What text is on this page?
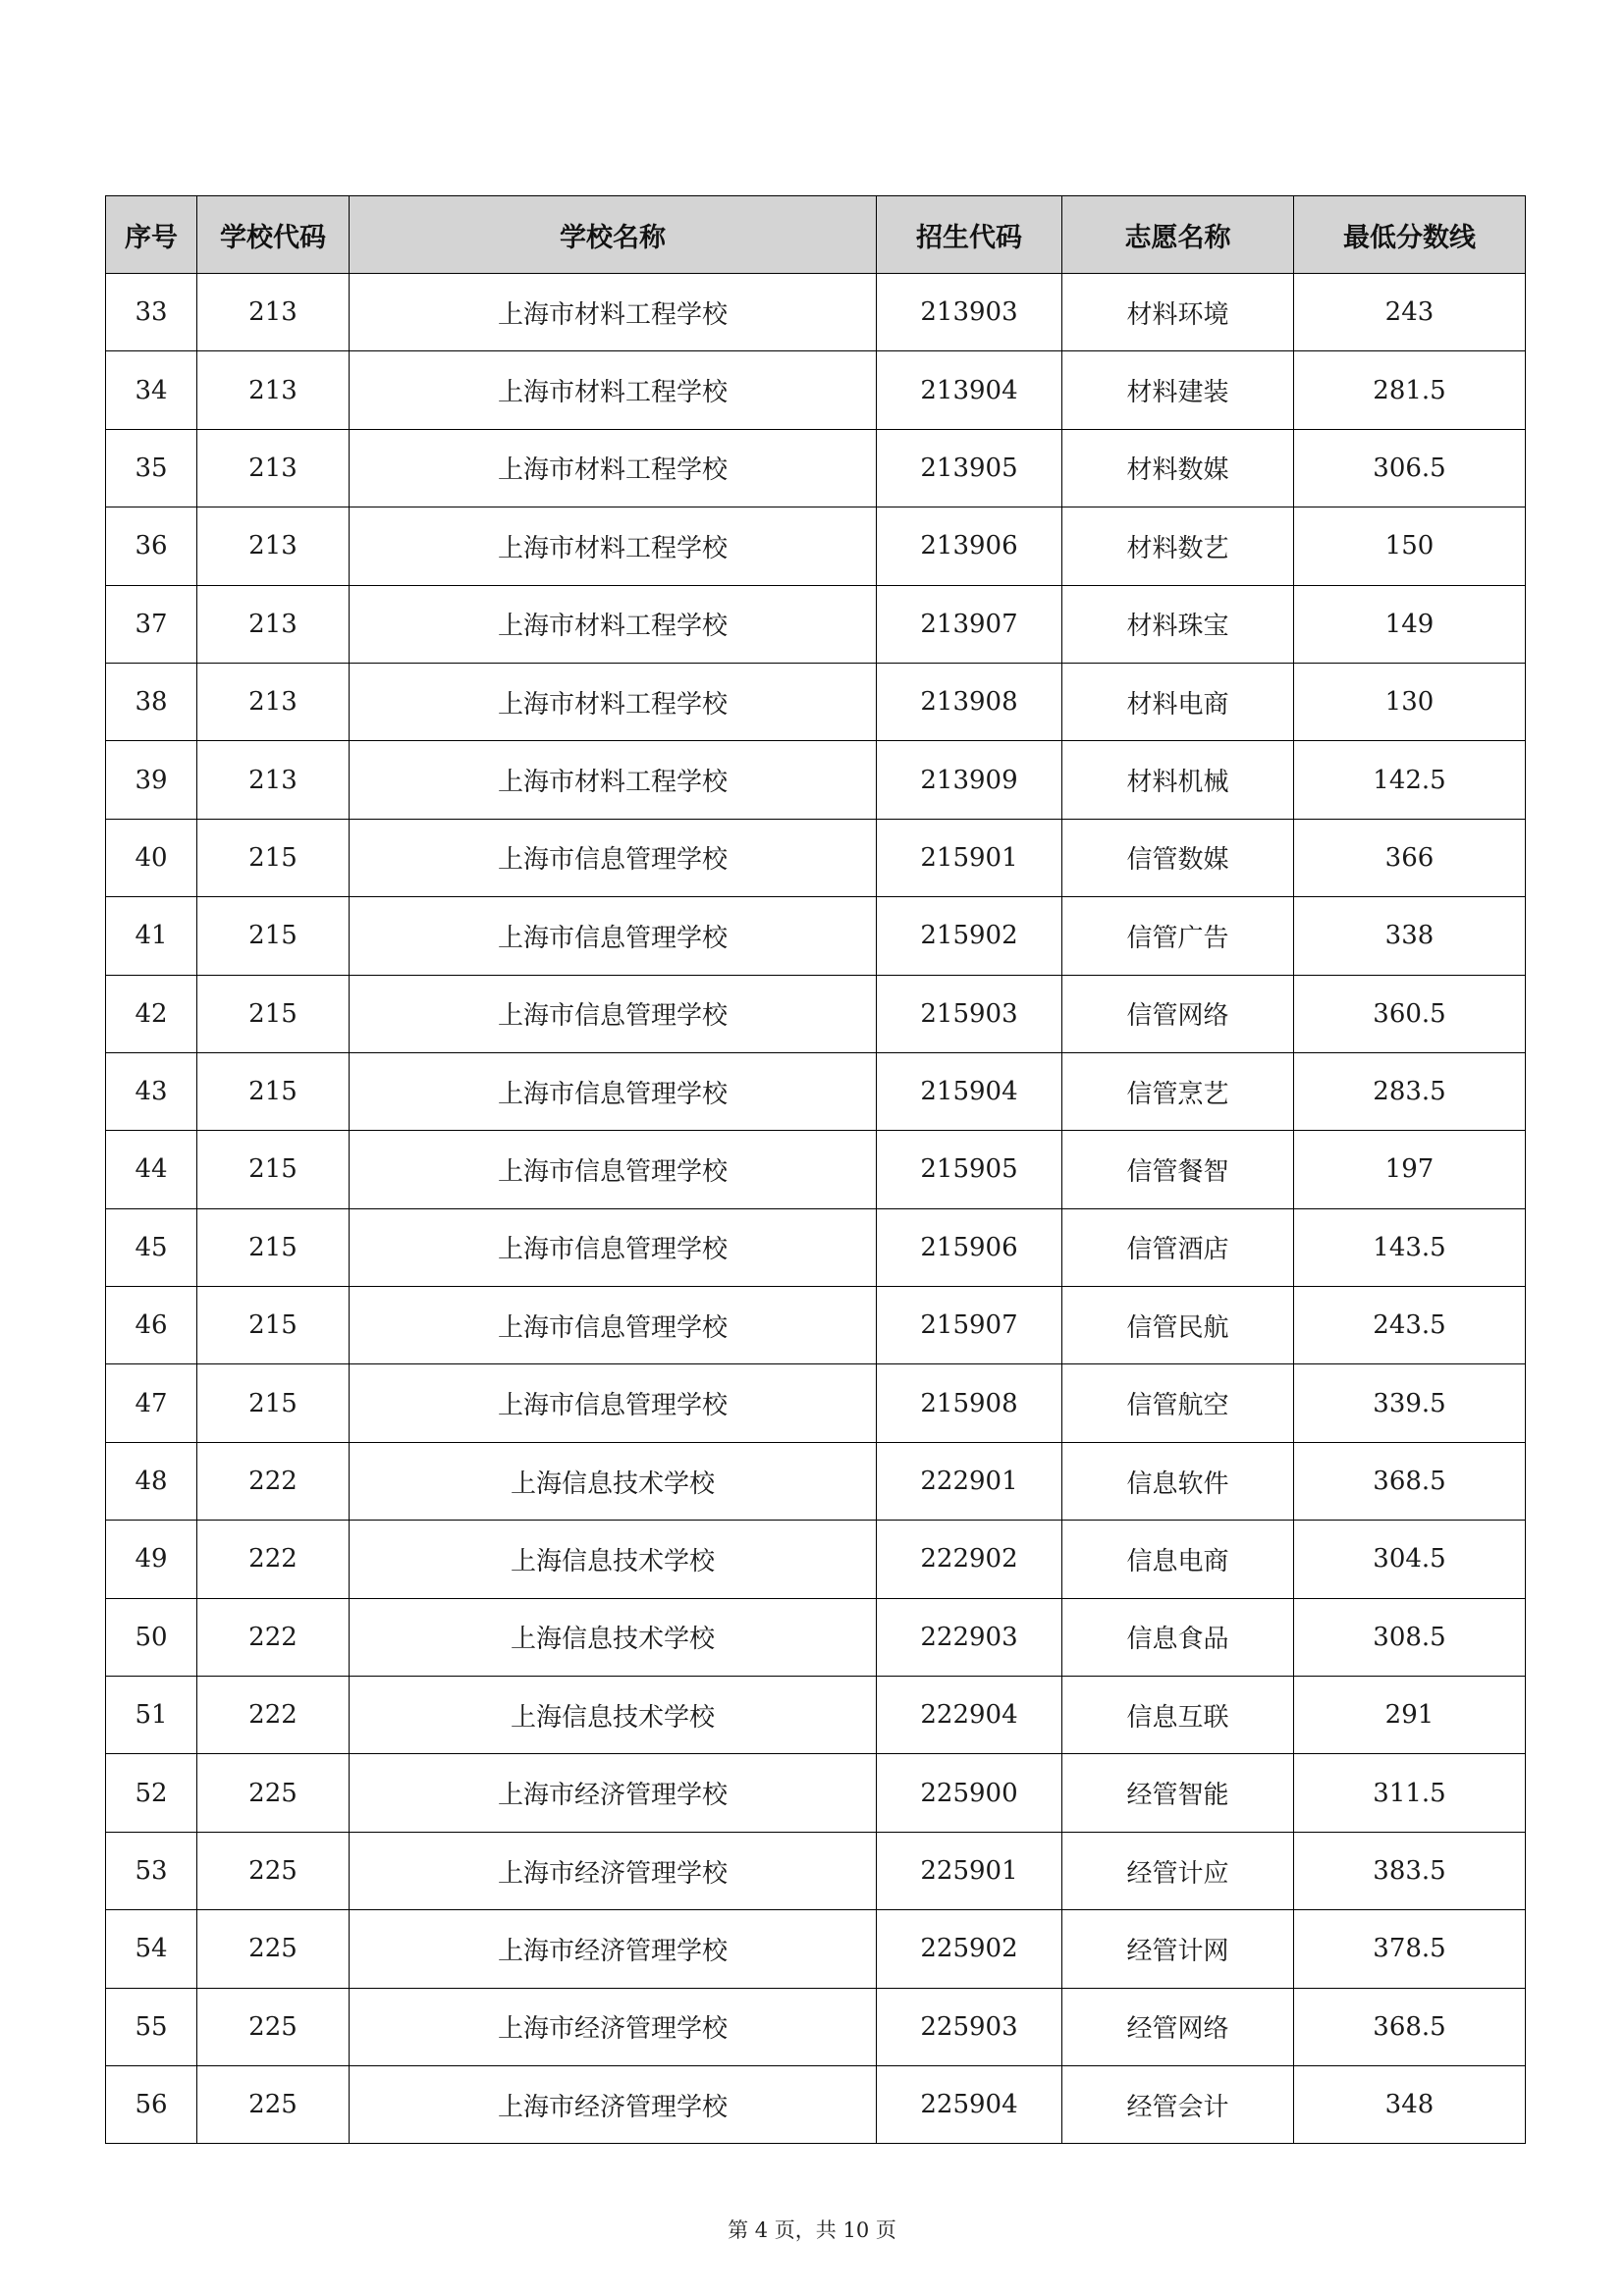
序号	学校代码	学校名称	招生代码	志愿名称	最低分数线
33	213	上海市材料工程学校	213903	材料环境	243
34	213	上海市材料工程学校	213904	材料建装	281.5
35	213	上海市材料工程学校	213905	材料数媒	306.5
36	213	上海市材料工程学校	213906	材料数艺	150
37	213	上海市材料工程学校	213907	材料珠宝	149
38	213	上海市材料工程学校	213908	材料电商	130
39	213	上海市材料工程学校	213909	材料机械	142.5
40	215	上海市信息管理学校	215901	信管数媒	366
41	215	上海市信息管理学校	215902	信管广告	338
42	215	上海市信息管理学校	215903	信管网络	360.5
43	215	上海市信息管理学校	215904	信管烹艺	283.5
44	215	上海市信息管理学校	215905	信管餐智	197
45	215	上海市信息管理学校	215906	信管酒店	143.5
46	215	上海市信息管理学校	215907	信管民航	243.5
47	215	上海市信息管理学校	215908	信管航空	339.5
48	222	上海信息技术学校	222901	信息软件	368.5
49	222	上海信息技术学校	222902	信息电商	304.5
50	222	上海信息技术学校	222903	信息食品	308.5
51	222	上海信息技术学校	222904	信息互联	291
52	225	上海市经济管理学校	225900	经管智能	311.5
53	225	上海市经济管理学校	225901	经管计应	383.5
54	225	上海市经济管理学校	225902	经管计网	378.5
55	225	上海市经济管理学校	225903	经管网络	368.5
56	225	上海市经济管理学校	225904	经管会计	348
第 4 页，共 10 页
